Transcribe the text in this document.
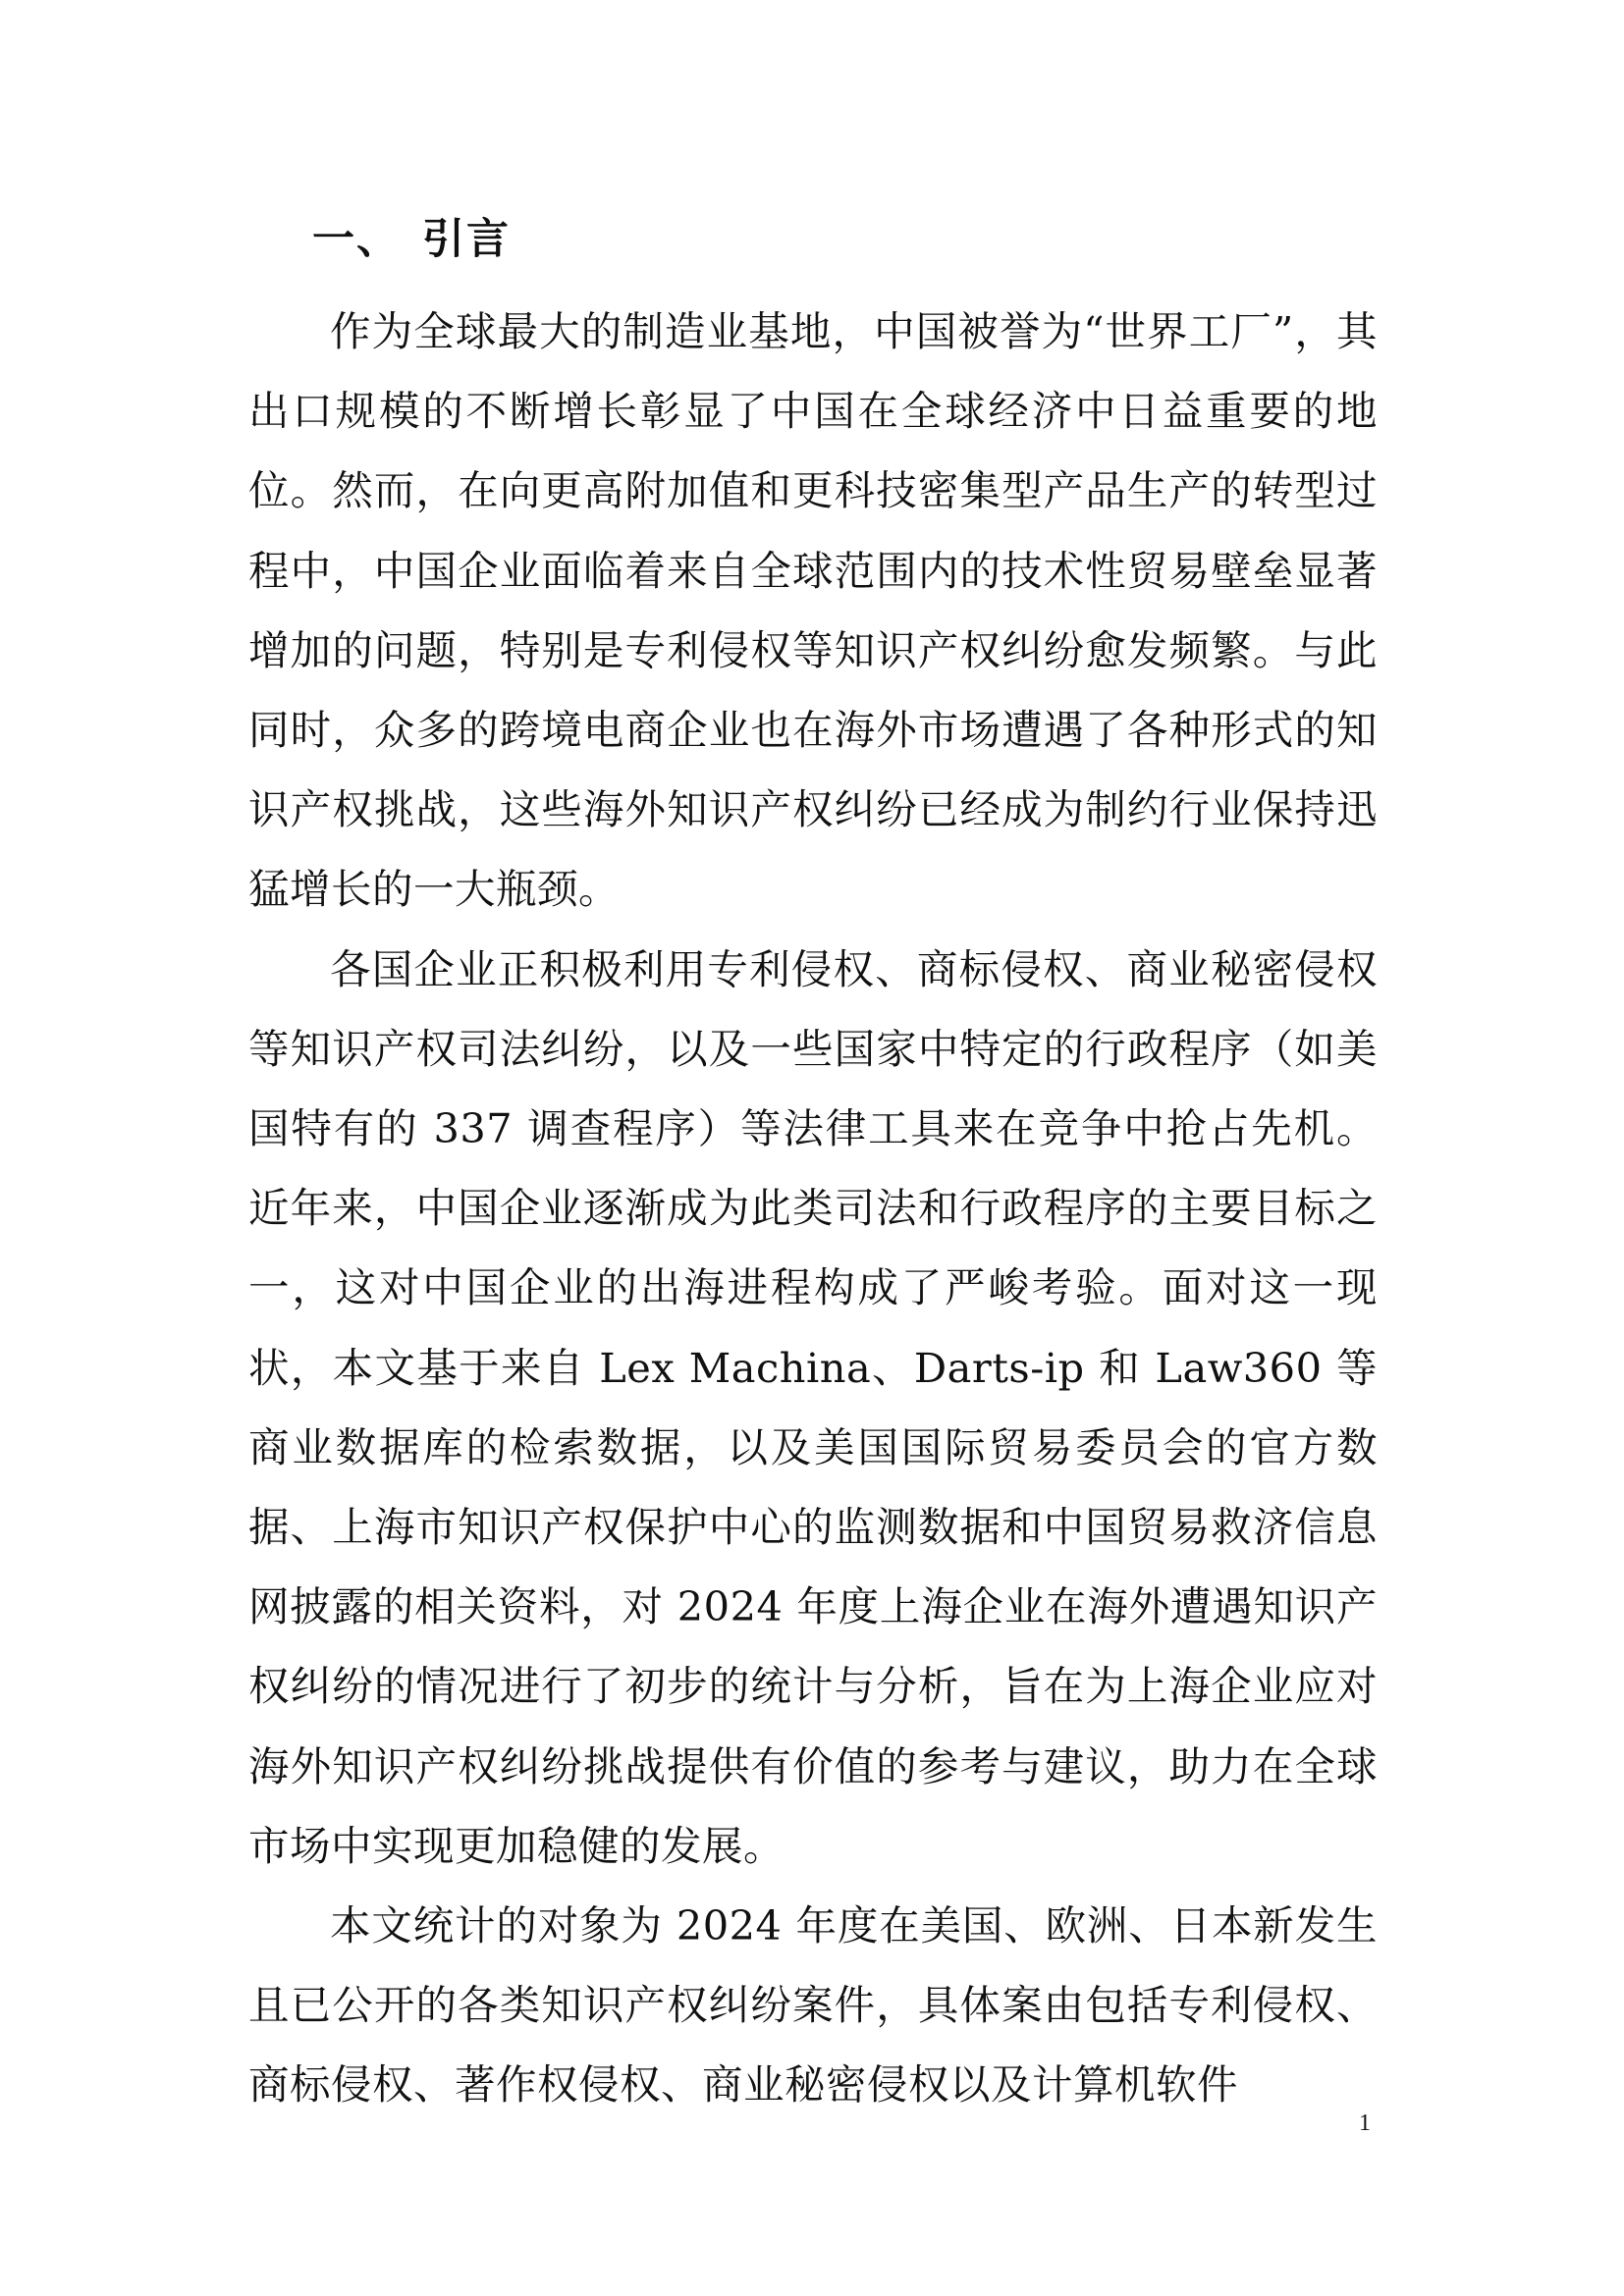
一、 引言

作为全球最大的制造业基地，中国被誉为“世界工厂”，其出口规模的不断增长彰显了中国在全球经济中日益重要的地位。然而，在向更高附加值和更科技密集型产品生产的转型过程中，中国企业面临着来自全球范围内的技术性贸易壁垒显著增加的问题，特别是专利侵权等知识产权纠纷愈发频繁。与此同时，众多的跨境电商企业也在海外市场遭遇了各种形式的知识产权挑战，这些海外知识产权纠纷已经成为制约行业保持迅猛增长的一大瓶颈。

各国企业正积极利用专利侵权、商标侵权、商业秘密侵权等知识产权司法纠纷，以及一些国家中特定的行政程序（如美国特有的 337 调查程序）等法律工具来在竞争中抢占先机。近年来，中国企业逐渐成为此类司法和行政程序的主要目标之一，这对中国企业的出海进程构成了严峻考验。面对这一现状，本文基于来自 Lex Machina、Darts-ip 和 Law360 等商业数据库的检索数据，以及美国国际贸易委员会的官方数据、上海市知识产权保护中心的监测数据和中国贸易救济信息网披露的相关资料，对 2024 年度上海企业在海外遭遇知识产权纠纷的情况进行了初步的统计与分析，旨在为上海企业应对海外知识产权纠纷挑战提供有价值的参考与建议，助力在全球市场中实现更加稳健的发展。

本文统计的对象为 2024 年度在美国、欧洲、日本新发生且已公开的各类知识产权纠纷案件，具体案由包括专利侵权、商标侵权、著作权侵权、商业秘密侵权以及计算机软件

1
